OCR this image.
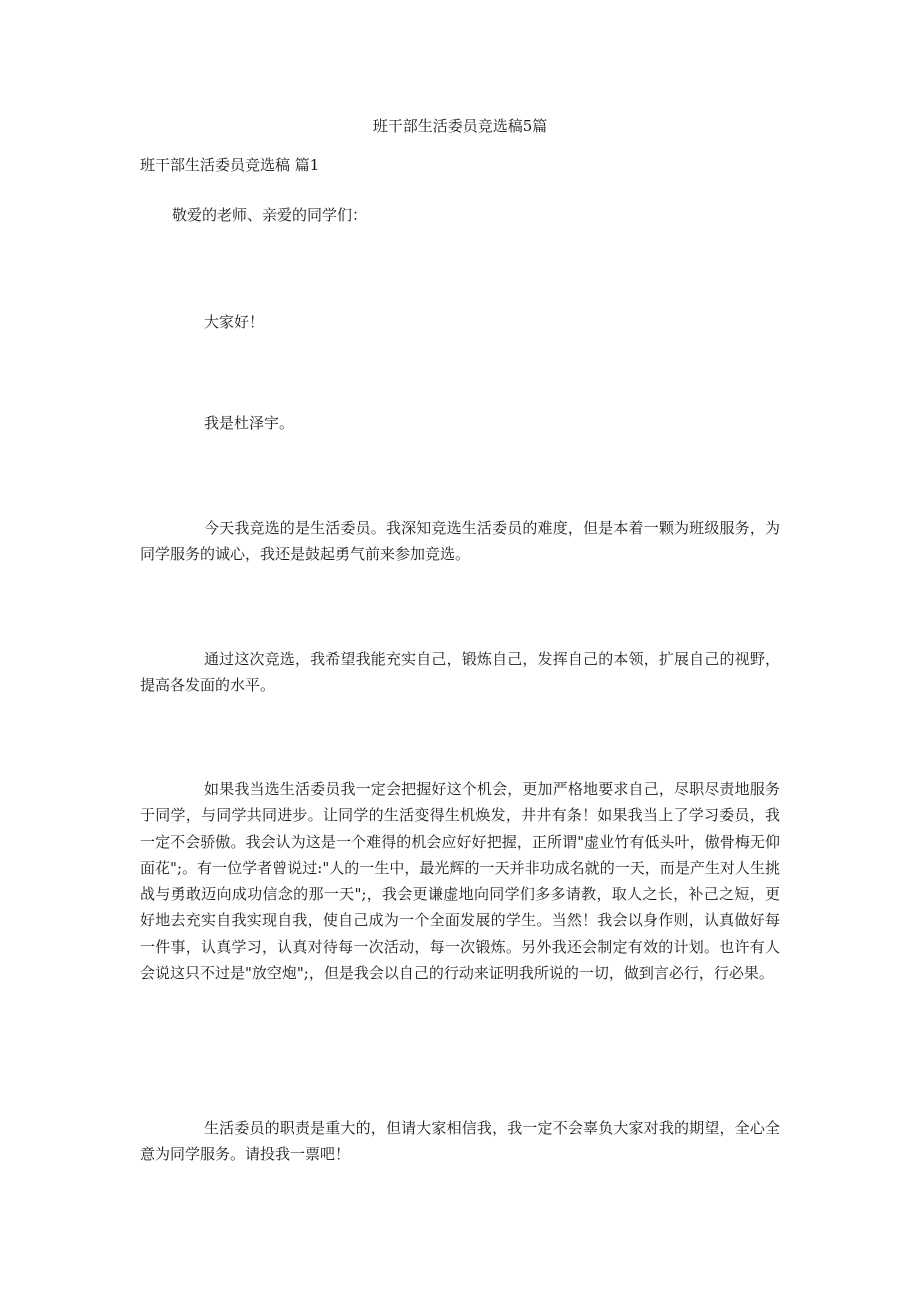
班干部生活委员竞选稿5篇
班干部生活委员竞选稿 篇1
敬爱的老师、亲爱的同学们：
大家好！
我是杜泽宇。

今天我竞选的是生活委员。我深知竞选生活委员的难度，但是本着一颗为班级服务，为同学服务的诚心，我还是鼓起勇气前来参加竞选。

通过这次竞选，我希望我能充实自己，锻炼自己，发挥自己的本领，扩展自己的视野，提高各发面的水平。

如果我当选生活委员我一定会把握好这个机会，更加严格地要求自己，尽职尽责地服务于同学，与同学共同进步。让同学的生活变得生机焕发，井井有条！如果我当上了学习委员，我一定不会骄傲。我会认为这是一个难得的机会应好好把握，正所谓"虚业竹有低头叶，傲骨梅无仰面花";。有一位学者曾说过:"人的一生中，最光辉的一天并非功成名就的一天，而是产生对人生挑战与勇敢迈向成功信念的那一天";，我会更谦虚地向同学们多多请教，取人之长，补己之短，更好地去充实自我实现自我，使自己成为一个全面发展的学生。当然！我会以身作则，认真做好每一件事，认真学习，认真对待每一次活动，每一次锻炼。另外我还会制定有效的计划。也许有人会说这只不过是"放空炮";，但是我会以自己的行动来证明我所说的一切，做到言必行，行必果。

生活委员的职责是重大的，但请大家相信我，我一定不会辜负大家对我的期望，全心全意为同学服务。请投我一票吧！
